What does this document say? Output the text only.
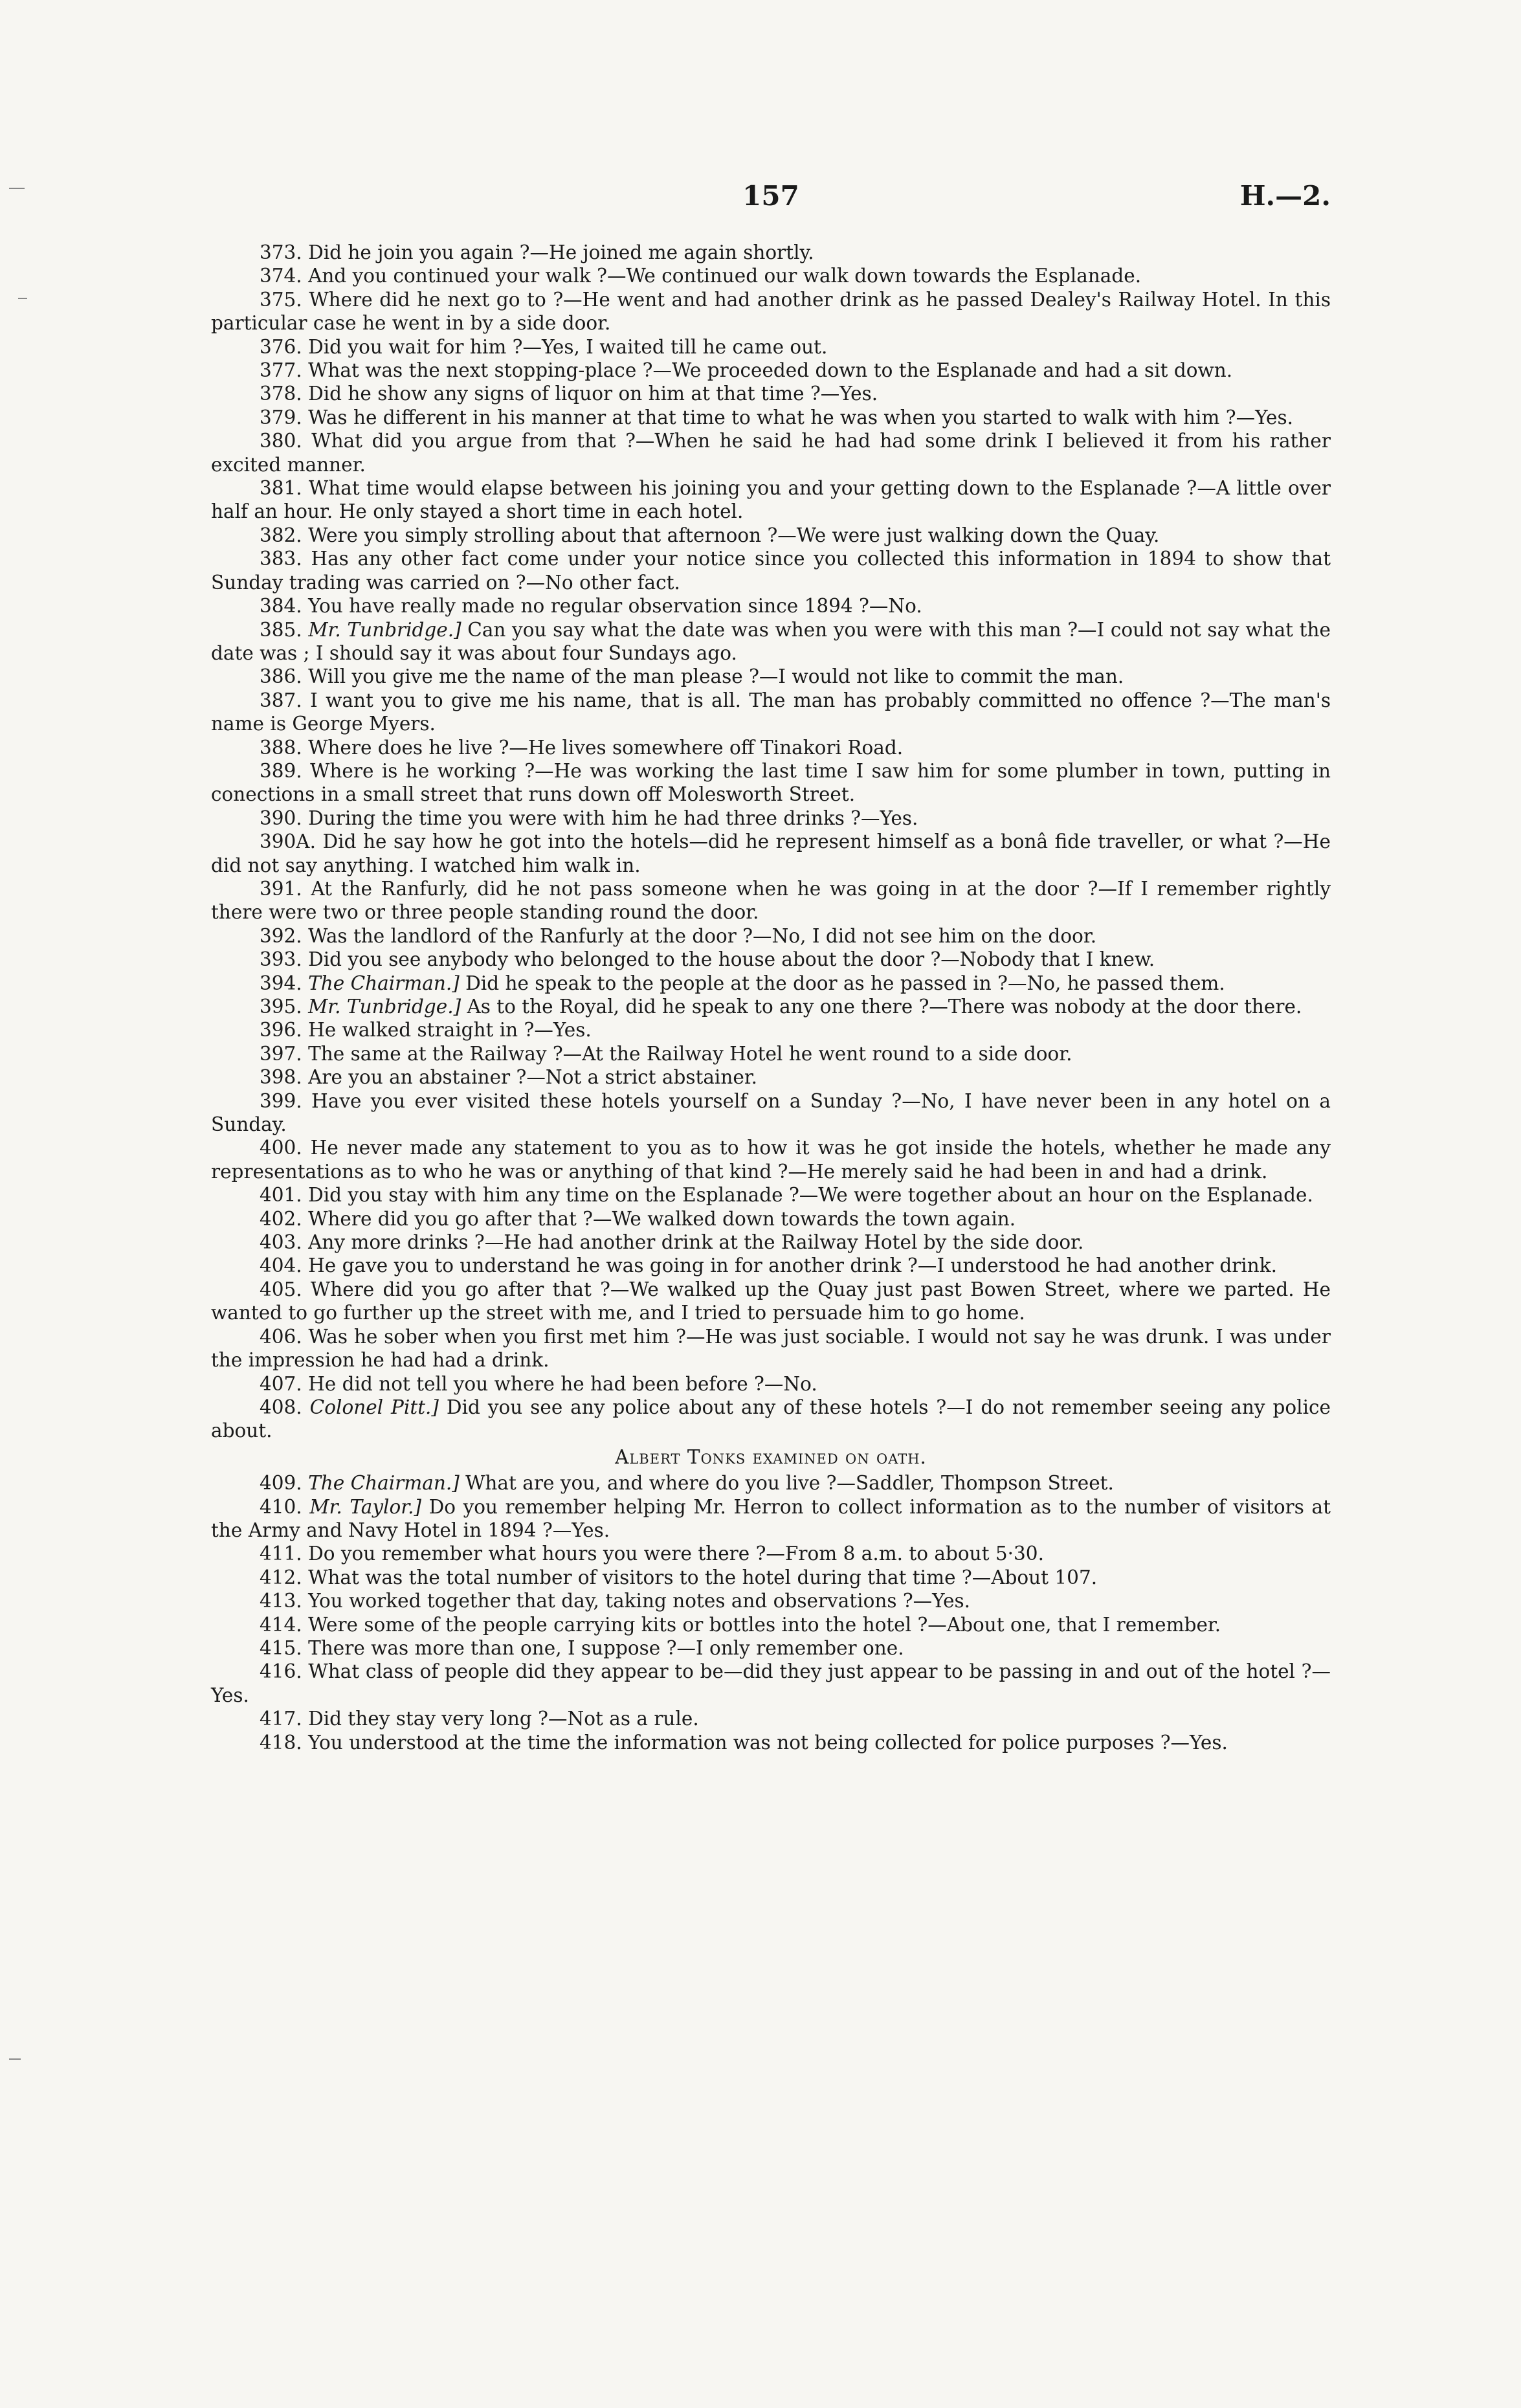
157	H.—2.

373. Did he join you again ?—He joined me again shortly.

374. And you continued your walk ?—We continued our walk down towards the Esplanade.

375. Where did he next go to ?—He went and had another drink as he passed Dealey's Railway Hotel. In this particular case he went in by a side door.

376. Did you wait for him ?—Yes, I waited till he came out.

377. What was the next stopping-place ?—We proceeded down to the Esplanade and had a sit down.

378. Did he show any signs of liquor on him at that time ?—Yes.

379. Was he different in his manner at that time to what he was when you started to walk with him ?—Yes.

380. What did you argue from that ?—When he said he had had some drink I believed it from his rather excited manner.

381. What time would elapse between his joining you and your getting down to the Esplanade ?—A little over half an hour. He only stayed a short time in each hotel.

382. Were you simply strolling about that afternoon ?—We were just walking down the Quay.

383. Has any other fact come under your notice since you collected this information in 1894 to show that Sunday trading was carried on ?—No other fact.

384. You have really made no regular observation since 1894 ?—No.

385. Mr. Tunbridge.] Can you say what the date was when you were with this man ?—I could not say what the date was ; I should say it was about four Sundays ago.

386. Will you give me the name of the man please ?—I would not like to commit the man.

387. I want you to give me his name, that is all. The man has probably committed no offence ?—The man's name is George Myers.

388. Where does he live ?—He lives somewhere off Tinakori Road.

389. Where is he working ?—He was working the last time I saw him for some plumber in town, putting in conections in a small street that runs down off Molesworth Street.

390. During the time you were with him he had three drinks ?—Yes.

390A. Did he say how he got into the hotels—did he represent himself as a bonâ fide traveller, or what ?—He did not say anything. I watched him walk in.

391. At the Ranfurly, did he not pass someone when he was going in at the door ?—If I remember rightly there were two or three people standing round the door.

392. Was the landlord of the Ranfurly at the door ?—No, I did not see him on the door.

393. Did you see anybody who belonged to the house about the door ?—Nobody that I knew.

394. The Chairman.] Did he speak to the people at the door as he passed in ?—No, he passed them.

395. Mr. Tunbridge.] As to the Royal, did he speak to any one there ?—There was nobody at the door there.

396. He walked straight in ?—Yes.

397. The same at the Railway ?—At the Railway Hotel he went round to a side door.

398. Are you an abstainer ?—Not a strict abstainer.

399. Have you ever visited these hotels yourself on a Sunday ?—No, I have never been in any hotel on a Sunday.

400. He never made any statement to you as to how it was he got inside the hotels, whether he made any representations as to who he was or anything of that kind ?—He merely said he had been in and had a drink.

401. Did you stay with him any time on the Esplanade ?—We were together about an hour on the Esplanade.

402. Where did you go after that ?—We walked down towards the town again.

403. Any more drinks ?—He had another drink at the Railway Hotel by the side door.

404. He gave you to understand he was going in for another drink ?—I understood he had another drink.

405. Where did you go after that ?—We walked up the Quay just past Bowen Street, where we parted. He wanted to go further up the street with me, and I tried to persuade him to go home.

406. Was he sober when you first met him ?—He was just sociable. I would not say he was drunk. I was under the impression he had had a drink.

407. He did not tell you where he had been before ?—No.

408. Colonel Pitt.] Did you see any police about any of these hotels ?—I do not remember seeing any police about.

Albert Tonks examined on oath.

409. The Chairman.] What are you, and where do you live ?—Saddler, Thompson Street.

410. Mr. Taylor.] Do you remember helping Mr. Herron to collect information as to the number of visitors at the Army and Navy Hotel in 1894 ?—Yes.

411. Do you remember what hours you were there ?—From 8 a.m. to about 5·30.

412. What was the total number of visitors to the hotel during that time ?—About 107.

413. You worked together that day, taking notes and observations ?—Yes.

414. Were some of the people carrying kits or bottles into the hotel ?—About one, that I remember.

415. There was more than one, I suppose ?—I only remember one.

416. What class of people did they appear to be—did they just appear to be passing in and out of the hotel ?—Yes.

417. Did they stay very long ?—Not as a rule.

418. You understood at the time the information was not being collected for police purposes ?—Yes.
